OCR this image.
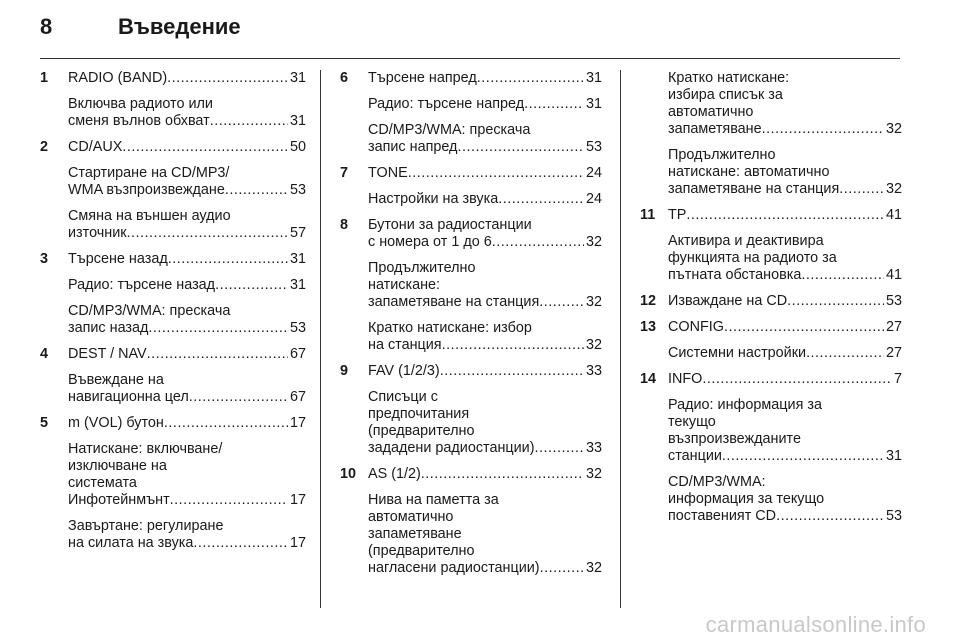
8	Въведение
1 RADIO (BAND) .....	31
Включва радиото или
сменя вълнов обхват .....	31
2 CD/AUX .....	50
Стартиране на CD/MP3/
WMA възпроизвеждане .....	53
Смяна на външен аудио
източник .....	57
3 Търсене назад .....	31
Радио: търсене назад .....	31
CD/MP3/WMA: прескача
запис назад .....	53
4 DEST / NAV .....	67
Въвеждане на
навигационна цел .....	67
5 m (VOL) бутон .....	17
Натискане: включване/
изключване на
системата
Инфотейнмънт .....	17
Завъртане: регулиране
на силата на звука .....	17
6 Търсене напред .....	31
Радио: търсене напред .....	31
CD/MP3/WMA: прескача
запис напред .....	53
7 TONE .....	24
Настройки на звука .....	24
8 Бутони за радиостанции
с номера от 1 до 6 .....	32
Продължително
натискане:
запаметяване на станция .....	32
Кратко натискане: избор
на станция .....	32
9 FAV (1/2/3) .....	33
Списъци с
предпочитания
(предварително
зададени радиостанции) .....	33
10 AS (1/2) .....	32
Нива на паметта за
автоматично
запаметяване
(предварително
нагласени радиостанции) .....	32
Кратко натискане:
избира списък за
автоматично
запаметяване .....	32
Продължително
натискане: автоматично
запаметяване на станция .....	32
11 TP .....	41
Активира и деактивира
функцията на радиото за
пътната обстановка .....	41
12 Изваждане на CD .....	53
13 CONFIG .....	27
Системни настройки .....	27
14 INFO .....	7
Радио: информация за
текущо
възпроизвежданите
станции .....	31
CD/MP3/WMA:
информация за текущо
поставеният CD .....	53
carmanualsonline.info
